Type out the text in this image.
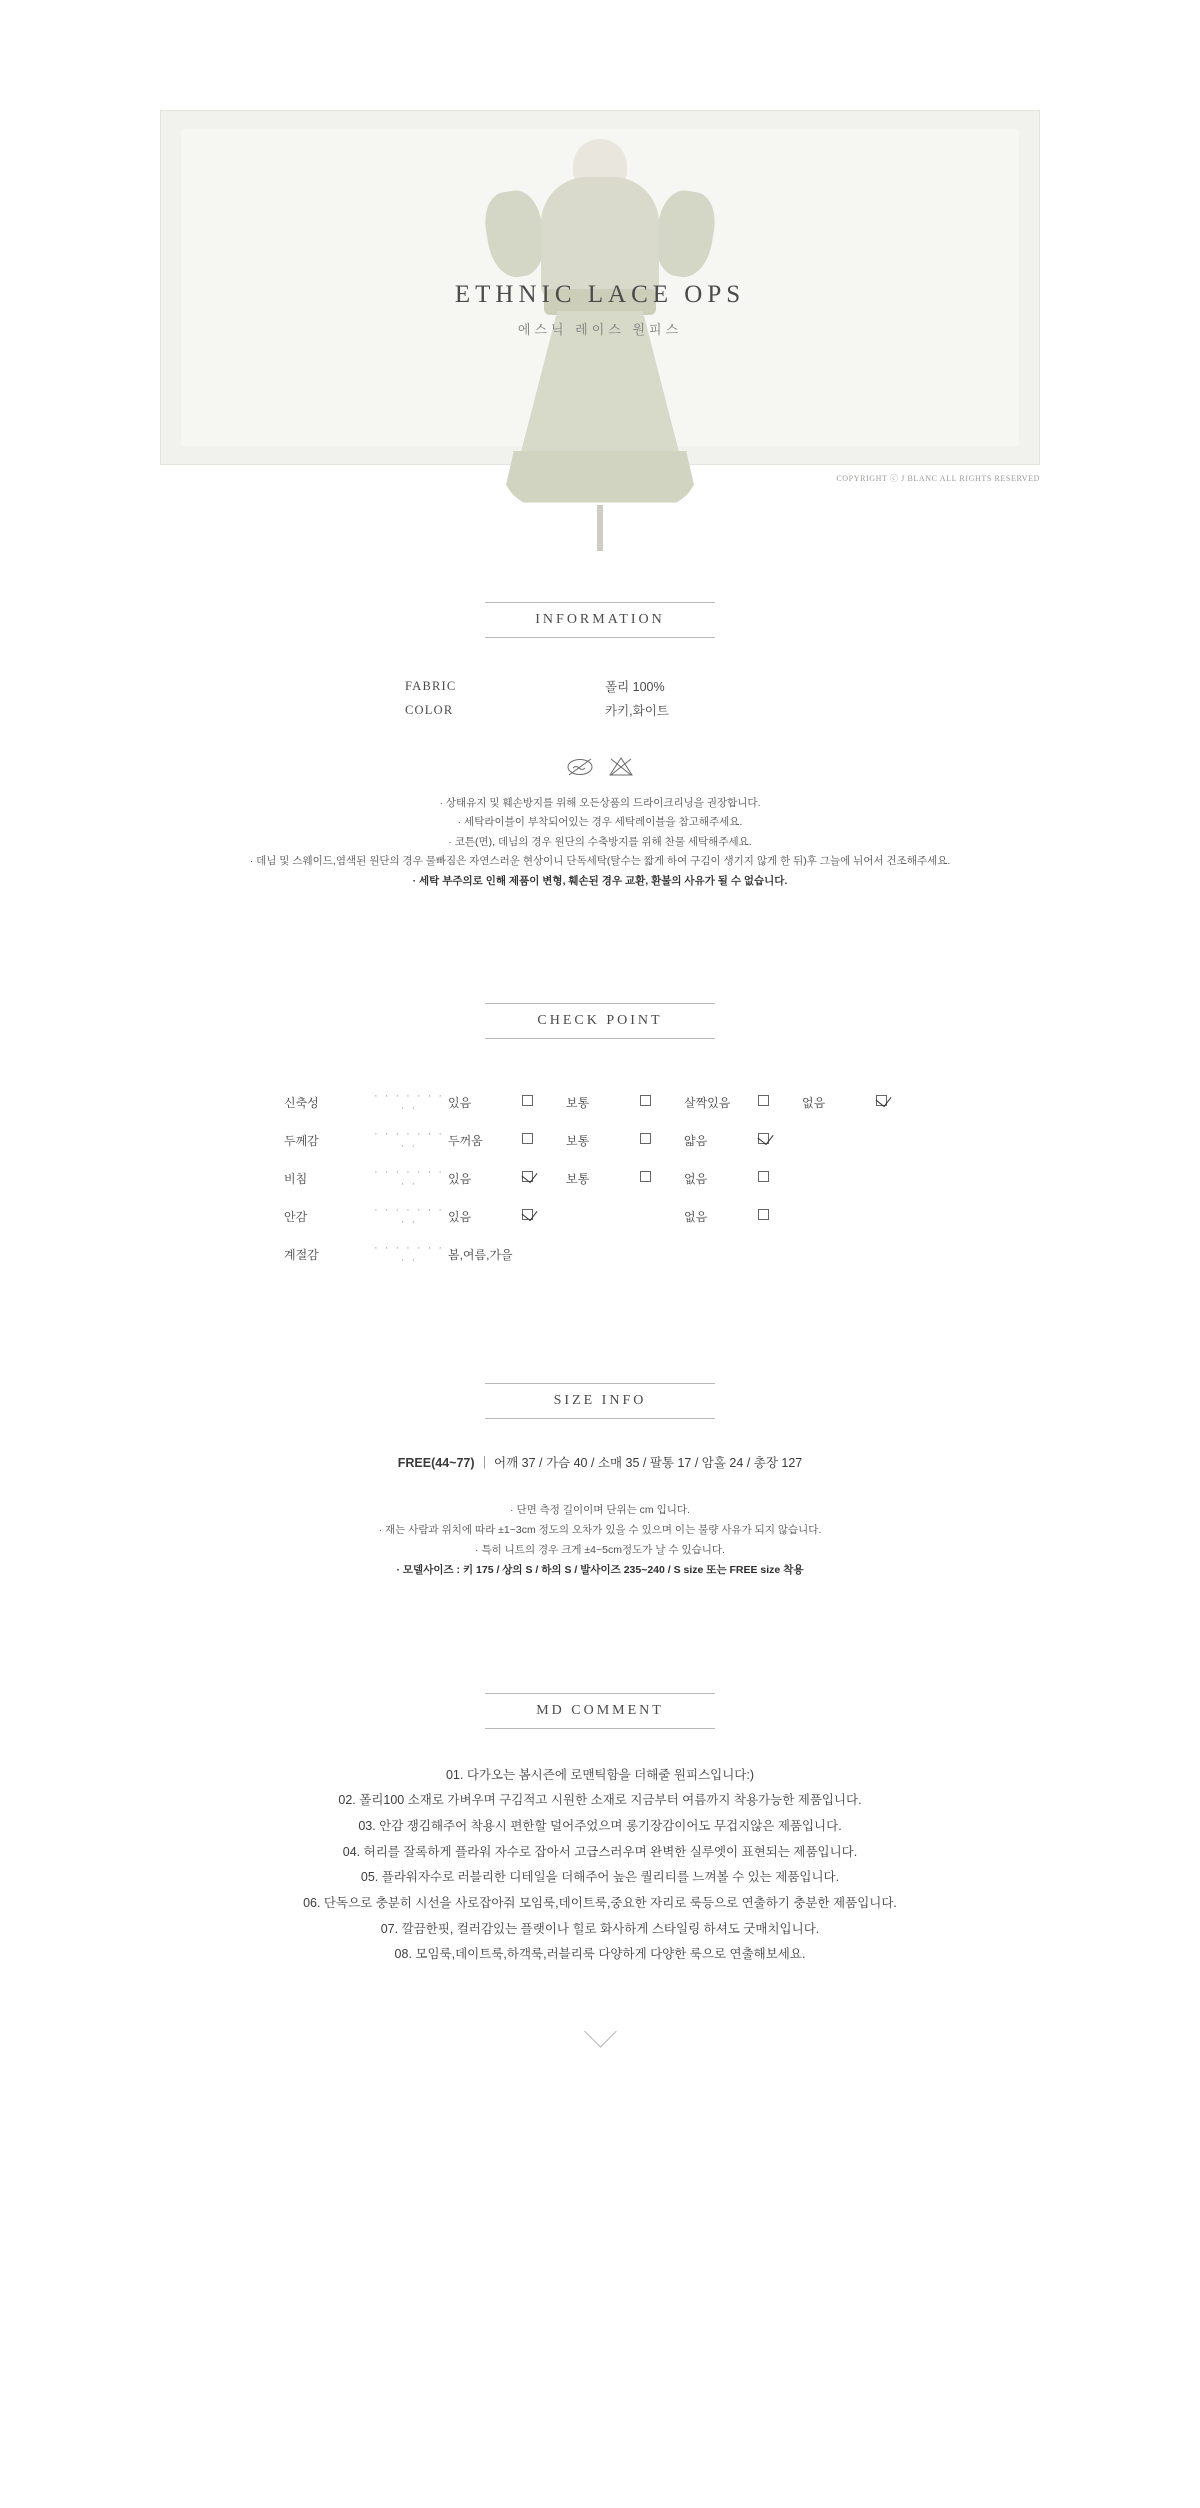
ETHNIC LACE OPS
에스닉 레이스 원피스
COPYRIGHT ⓒ J BLANC ALL RIGHTS RESERVED
INFORMATION
FABRIC	폴리 100%
COLOR	카키,화이트
· 상태유지 및 훼손방지를 위해 오든상품의 드라이크리닝을 권장합니다.
· 세탁라이블이 부착되어있는 경우 세탁레이블을 참고해주세요.
· 코튼(면), 데님의 경우 원단의 수축방지를 위해 찬물 세탁해주세요.
· 데님 및 스웨이드,염색된 원단의 경우 물빠짐은 자연스러운 현상이니 단독세탁(탈수는 짧게 하여 구김이 생기지 않게 한 뒤)후 그늘에 뉘어서 건조해주세요.
· 세탁 부주의로 인해 제품이 변형, 훼손된 경우 교환, 환불의 사유가 될 수 없습니다.
CHECK POINT
신축성	· · · · · · · · ·	있음		보통		살짝있음		없음	
두께감	· · · · · · · · ·	두꺼움		보통		얇음			
비침	· · · · · · · · ·	있음		보통		없음			
안감	· · · · · · · · ·	있음				없음			
계절감	· · · · · · · · ·	봄,여름,가을							
SIZE INFO
FREE(44~77) ｜ 어깨 37 / 가슴 40 / 소매 35 / 팔통 17 / 암홀 24 / 총장 127
· 단면 측정 길이이며 단위는 cm 입니다.
· 재는 사람과 위치에 따라 ±1~3cm 정도의 오차가 있을 수 있으며 이는 불량 사유가 되지 않습니다.
· 특히 니트의 경우 크게 ±4~5cm정도가 날 수 있습니다.
· 모델사이즈 : 키 175 / 상의 S / 하의 S / 발사이즈 235~240 / S size 또는 FREE size 착용
MD COMMENT
01. 다가오는 봄시즌에 로맨틱함을 더해줄 원피스입니다:)
02. 폴리100 소재로 가벼우며 구김적고 시원한 소재로 지금부터 여름까지 착용가능한 제품입니다.
03. 안감 쟁김해주어 착용시 편한할 덜어주었으며 롱기장감이어도 무겁지않은 제품입니다.
04. 허리를 잘록하게 플라워 자수로 잡아서 고급스러우며 완벽한 실루엣이 표현되는 제품입니다.
05. 플라워자수로 러블리한 디테일을 더해주어 높은 퀄리티를 느껴볼 수 있는 제품입니다.
06. 단독으로 충분히 시선을 사로잡아줘 모임룩,데이트룩,중요한 자리로 룩등으로 연출하기 충분한 제품입니다.
07. 깔끔한핏, 컬러감있는 플랫이나 힐로 화사하게 스타일링 하셔도 굿매치입니다.
08. 모임룩,데이트룩,하객룩,러블리룩 다양하게 다양한 룩으로 연출해보세요.
